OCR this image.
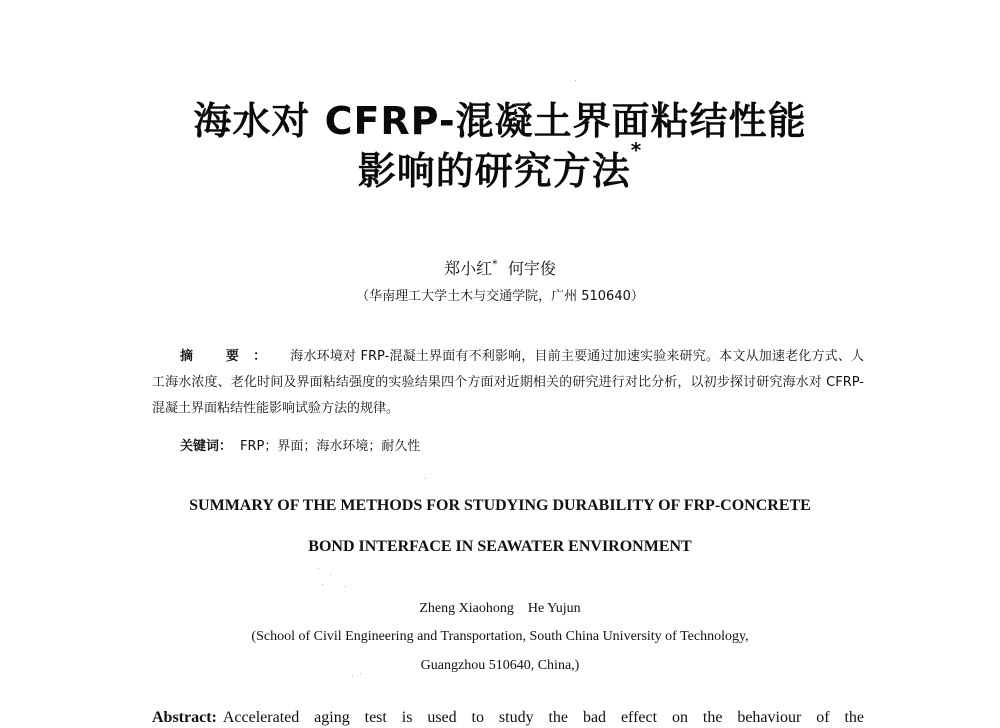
海水对 CFRP-混凝土界面粘结性能
影响的研究方法*
郑小红*  何宇俊
（华南理工大学土木与交通学院，广州 510640）
摘 要： 海水环境对 FRP-混凝土界面有不利影响，目前主要通过加速实验来研究。本文从加速老化方式、人工海水浓度、老化时间及界面粘结强度的实验结果四个方面对近期相关的研究进行对比分析，以初步探讨研究海水对 CFRP-混凝土界面粘结性能影响试验方法的规律。
关键词： FRP；界面；海水环境；耐久性
SUMMARY OF THE METHODS FOR STUDYING DURABILITY OF FRP-CONCRETE
BOND INTERFACE IN SEAWATER ENVIRONMENT
Zheng Xiaohong    He Yujun
(School of Civil Engineering and Transportation, South China University of Technology,
Guangzhou 510640, China,)
Abstract: Accelerated aging test is used to study the bad effect on the behaviour of the
